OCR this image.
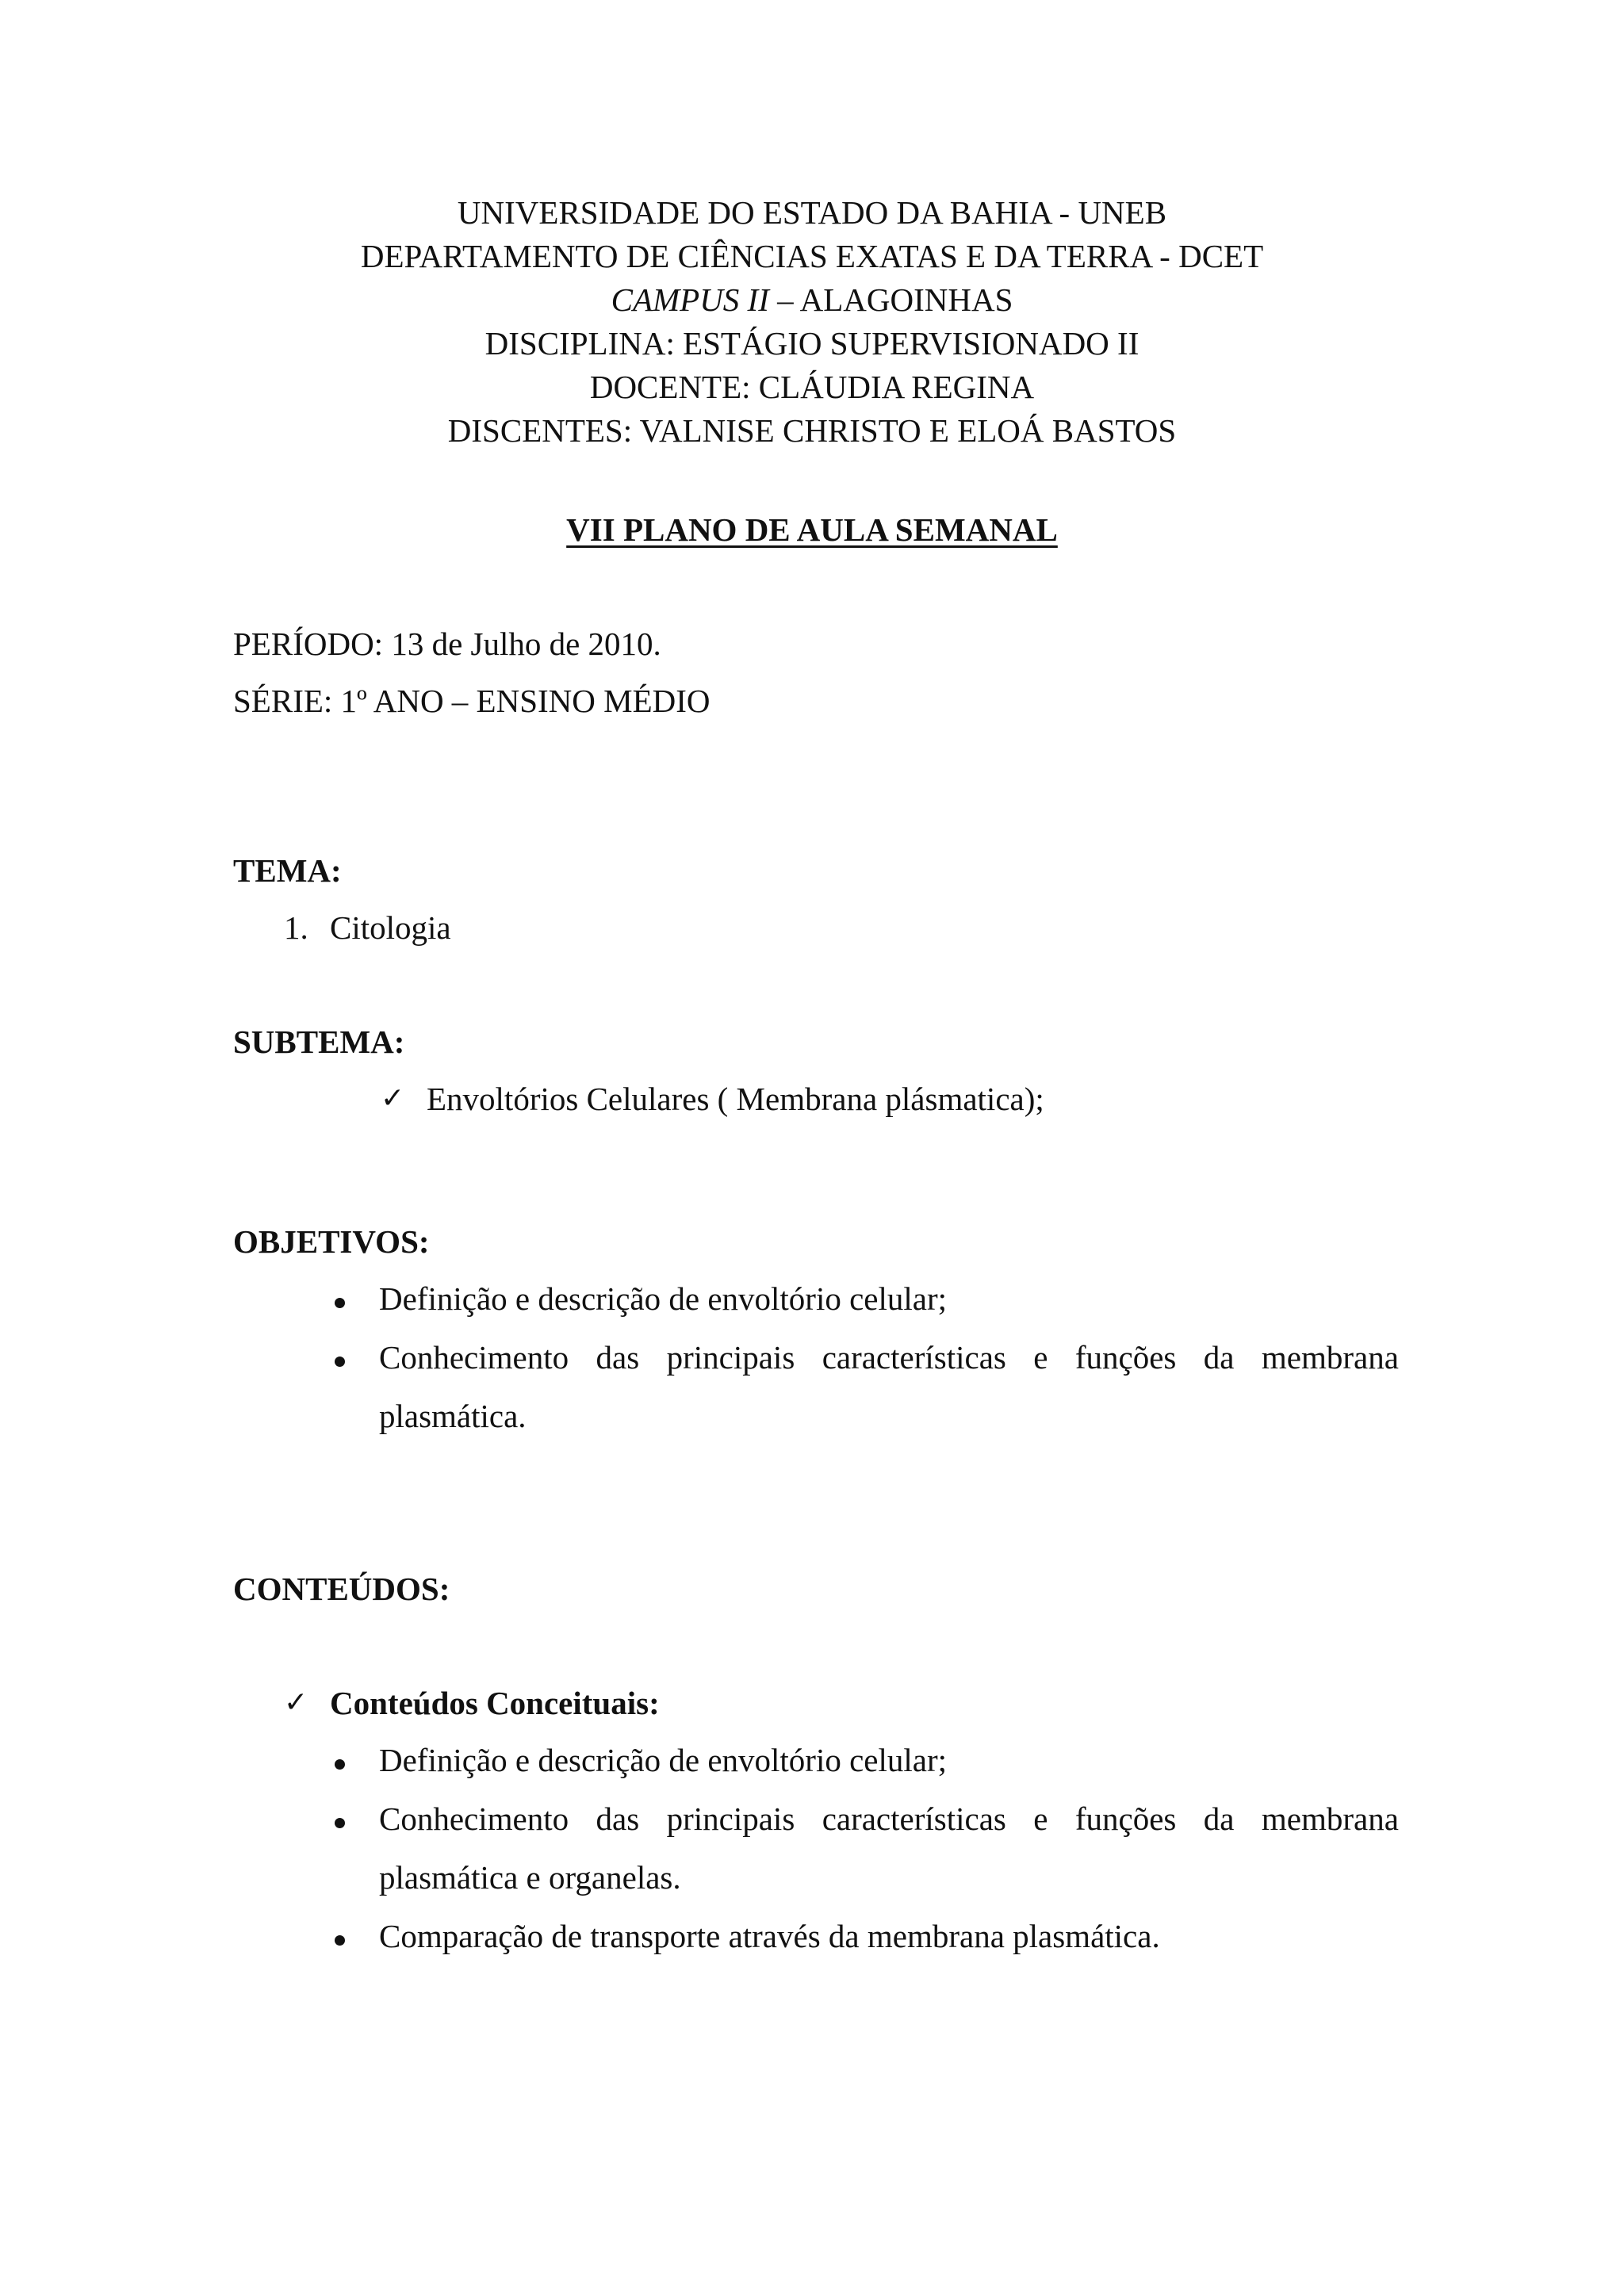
UNIVERSIDADE DO ESTADO DA BAHIA - UNEB
DEPARTAMENTO DE CIÊNCIAS EXATAS E DA TERRA - DCET
CAMPUS II – ALAGOINHAS
DISCIPLINA: ESTÁGIO SUPERVISIONADO II
DOCENTE: CLÁUDIA REGINA
DISCENTES: VALNISE CHRISTO E ELOÁ BASTOS
VII PLANO DE AULA SEMANAL
PERÍODO: 13 de Julho de 2010.
SÉRIE: 1º ANO – ENSINO MÉDIO
TEMA:
1. Citologia
SUBTEMA:
✓ Envoltórios Celulares ( Membrana plásmatica);
OBJETIVOS:
Definição e descrição de envoltório celular;
Conhecimento das principais características e funções da membrana
plasmática.
CONTEÚDOS:
✓ Conteúdos Conceituais:
Definição e descrição de envoltório celular;
Conhecimento das principais características e funções da membrana
plasmática e organelas.
Comparação de transporte através da membrana plasmática.
